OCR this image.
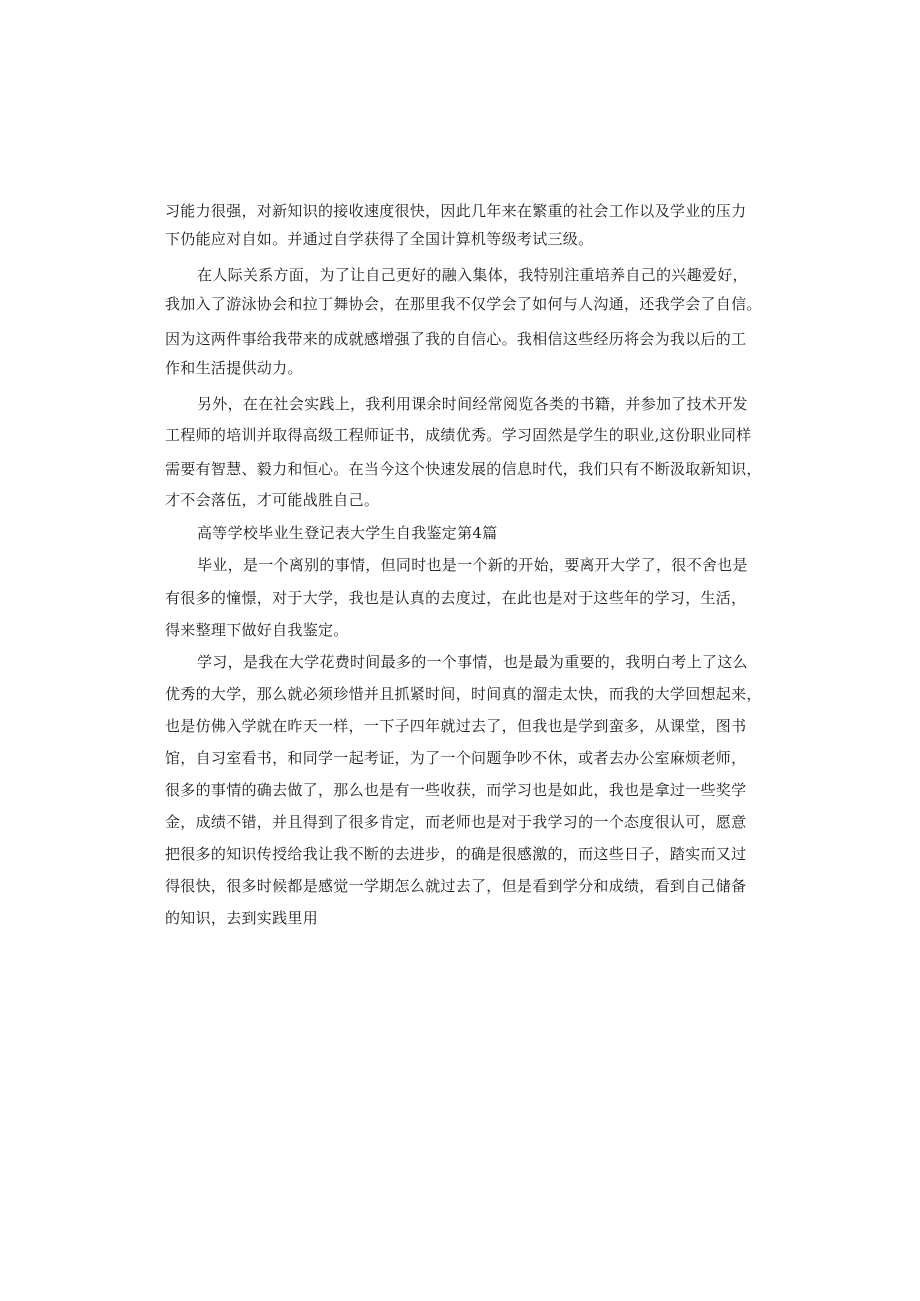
习能力很强，对新知识的接收速度很快，因此几年来在繁重的社会工作以及学业的压力
下仍能应对自如。并通过自学获得了全国计算机等级考试三级。
在人际关系方面，为了让自己更好的融入集体，我特别注重培养自己的兴趣爱好，
我加入了游泳协会和拉丁舞协会，在那里我不仅学会了如何与人沟通，还我学会了自信。
因为这两件事给我带来的成就感增强了我的自信心。我相信这些经历将会为我以后的工
作和生活提供动力。
另外，在在社会实践上，我利用课余时间经常阅览各类的书籍，并参加了技术开发
工程师的培训并取得高级工程师证书，成绩优秀。学习固然是学生的职业,这份职业同样
需要有智慧、毅力和恒心。在当今这个快速发展的信息时代，我们只有不断汲取新知识，
才不会落伍，才可能战胜自己。
高等学校毕业生登记表大学生自我鉴定第4篇
毕业，是一个离别的事情，但同时也是一个新的开始，要离开大学了，很不舍也是
有很多的憧憬，对于大学，我也是认真的去度过，在此也是对于这些年的学习，生活，
得来整理下做好自我鉴定。
学习，是我在大学花费时间最多的一个事情，也是最为重要的，我明白考上了这么
优秀的大学，那么就必须珍惜并且抓紧时间，时间真的溜走太快，而我的大学回想起来，
也是仿佛入学就在昨天一样，一下子四年就过去了，但我也是学到蛮多，从课堂，图书
馆，自习室看书，和同学一起考证，为了一个问题争吵不休，或者去办公室麻烦老师，
很多的事情的确去做了，那么也是有一些收获，而学习也是如此，我也是拿过一些奖学
金，成绩不错，并且得到了很多肯定，而老师也是对于我学习的一个态度很认可，愿意
把很多的知识传授给我让我不断的去进步，的确是很感激的，而这些日子，踏实而又过
得很快，很多时候都是感觉一学期怎么就过去了，但是看到学分和成绩，看到自己储备
的知识，去到实践里用
